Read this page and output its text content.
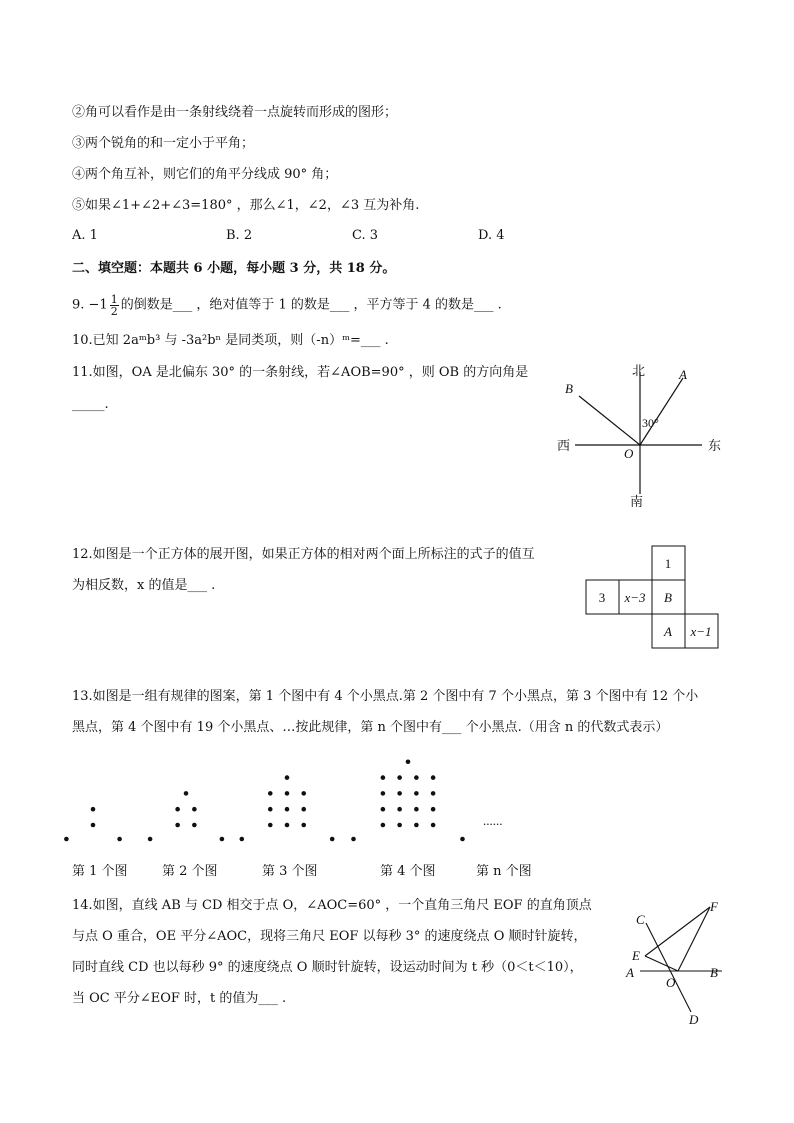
②角可以看作是由一条射线绕着一点旋转而形成的图形；
③两个锐角的和一定小于平角；
④两个角互补，则它们的角平分线成 90° 角；
⑤如果∠1+∠2+∠3=180° ，那么∠1，∠2，∠3 互为补角.
A. 1	B. 2	C. 3	D. 4
二、填空题：本题共 6 小题，每小题 3 分，共 18 分。
9. $-1 \frac{1}{2}$ 的倒数是___ ，绝对值等于 1 的数是___ ，平方等于 4 的数是___ .
10.已知 2aᵐb³ 与 -3a²bⁿ 是同类项，则（-n）ᵐ=___ .
11.如图，OA 是北偏东 30° 的一条射线，若∠AOB=90° ，则 OB 的方向角是
_____.
北
南
西	东
A
B
O
30°
12.如图是一个正方体的展开图，如果正方体的相对两个面上所标注的式子的值互
为相反数，x 的值是___ .
1
3 x−3 B
A x−1
13.如图是一组有规律的图案，第 1 个图中有 4 个小黑点.第 2 个图中有 7 个小黑点，第 3 个图中有 12 个小
黑点，第 4 个图中有 19 个小黑点、…按此规律，第 n 个图中有___ 个小黑点.（用含 n 的代数式表示）
......
第 1 个图	第 2 个图	第 3 个图	第 4 个图	第 n 个图
14.如图，直线 AB 与 CD 相交于点 O，∠AOC=60° ，一个直角三角尺 EOF 的直角顶点
与点 O 重合，OE 平分∠AOC，现将三角尺 EOF 以每秒 3° 的速度绕点 O 顺时针旋转，
同时直线 CD 也以每秒 9° 的速度绕点 O 顺时针旋转，设运动时间为 t 秒（0＜t＜10），
当 OC 平分∠EOF 时，t 的值为___ .
C
F
E
A
O
B
D
